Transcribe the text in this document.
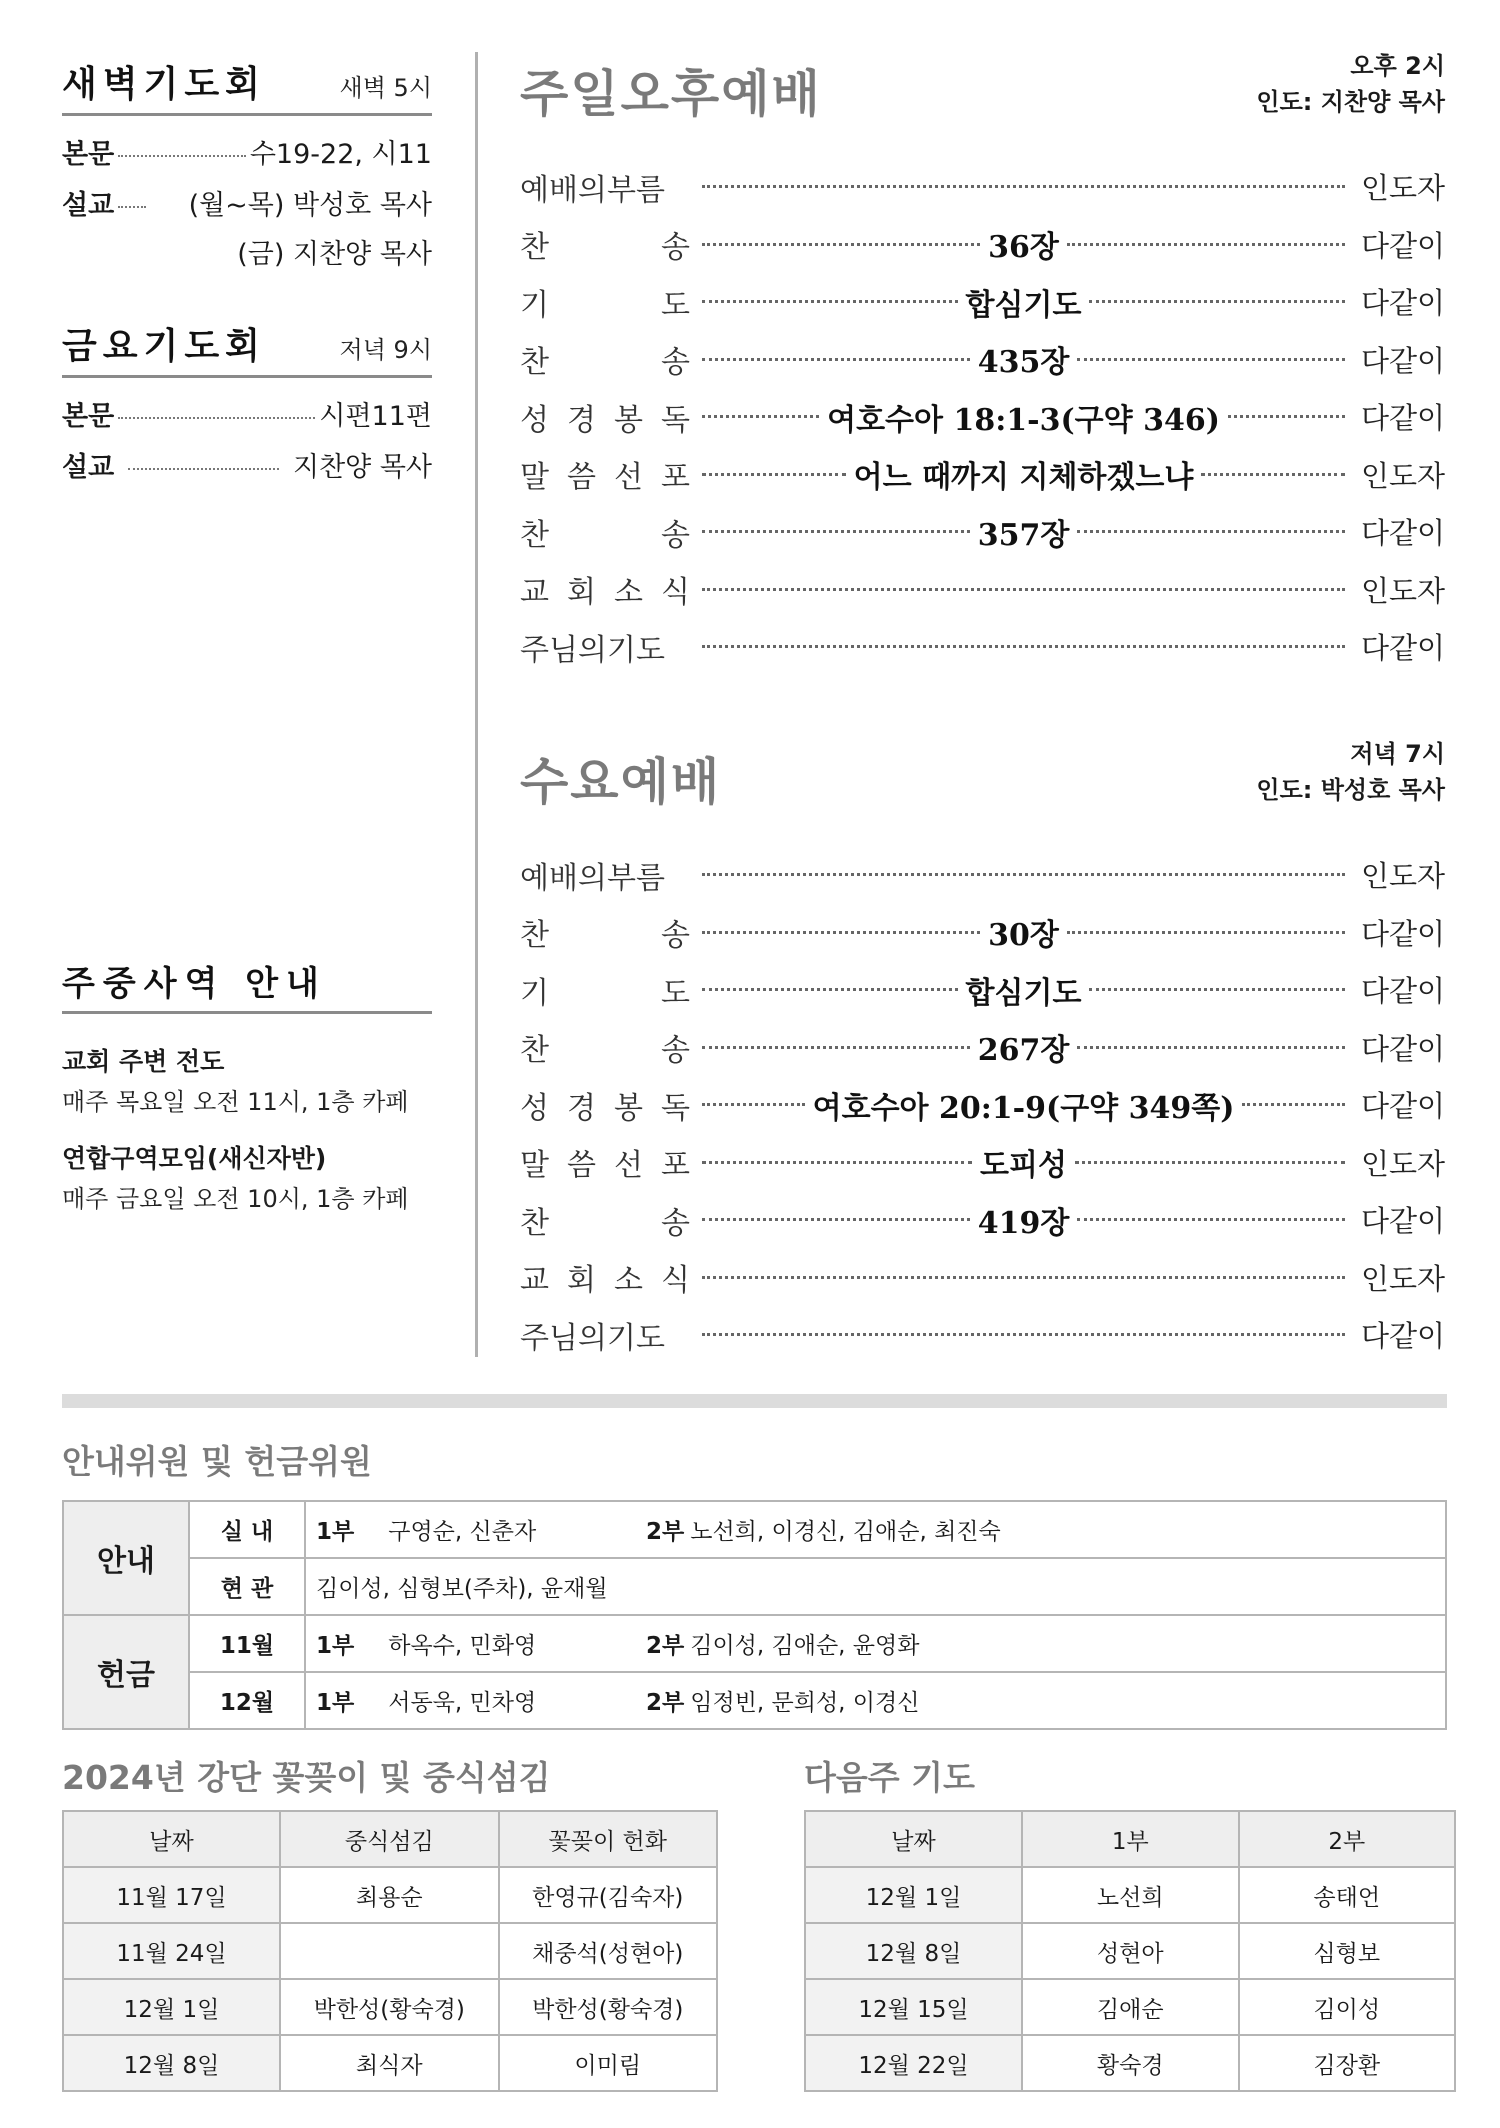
새벽기도회	새벽 5시
본문	수19-22, 시11
설교	(월~목) 박성호 목사
(금) 지찬양 목사
금요기도회	저녁 9시
본문	시편11편
설교	지찬양 목사
주중사역 안내
교회 주변 전도
매주 목요일 오전 11시, 1층 카페
연합구역모임(새신자반)
매주 금요일 오전 10시, 1층 카페
주일오후예배	오후 2시
인도: 지찬양 목사
예 배 의 부 름	인도자
찬	송	36장	다같이
기	도	합심기도	다같이
찬	송	435장	다같이
성 경 봉 독	여호수아 18:1-3(구약 346)	다같이
말 씀 선 포	어느 때까지 지체하겠느냐	인도자
찬	송	357장	다같이
교 회 소 식	인도자
주 님 의 기 도	다같이
수요예배	저녁 7시
인도: 박성호 목사
예 배 의 부 름	인도자
찬	송	30장	다같이
기	도	합심기도	다같이
찬	송	267장	다같이
성 경 봉 독	여호수아 20:1-9(구약 349쪽)	다같이
말 씀 선 포	도피성	인도자
찬	송	419장	다같이
교 회 소 식	인도자
주 님 의 기 도	다같이
안내위원 및 헌금위원
안내	실 내	1부 구영순, 신춘자 2부 노선희, 이경신, 김애순, 최진숙

	현 관	김이성, 심형보(주차), 윤재월
헌금	11월	1부 하옥수, 민화영 2부 김이성, 김애순, 윤영화

	12월	1부 서동욱, 민차영 2부 임정빈, 문희성, 이경신
2024년 강단 꽃꽂이 및 중식섬김
날짜	중식섬김	꽃꽂이 헌화
11월 17일	최용순	한영규(김숙자)
11월 24일		채중석(성현아)
12월 1일	박한성(황숙경)	박한성(황숙경)
12월 8일	최식자	이미림
다음주 기도
날짜	1부	2부
12월 1일	노선희	송태언
12월 8일	성현아	심형보
12월 15일	김애순	김이성
12월 22일	황숙경	김장환
